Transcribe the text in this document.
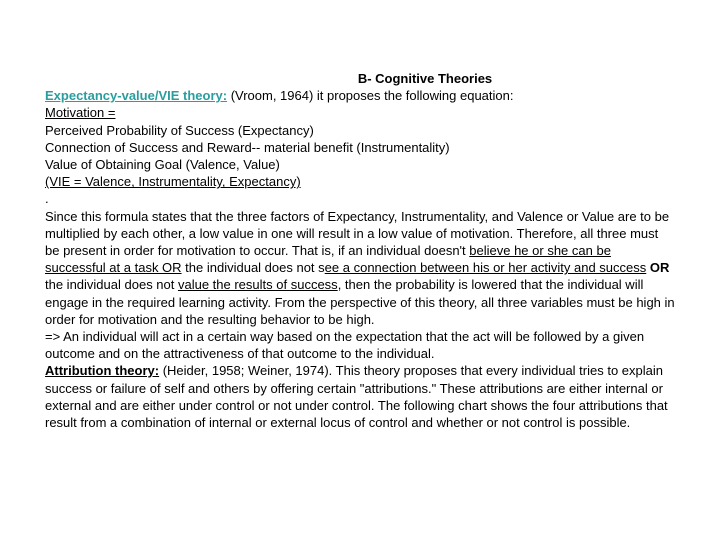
B- Cognitive Theories
Expectancy-value/VIE theory: (Vroom, 1964) it proposes the following equation:
Motivation =
Perceived Probability of Success (Expectancy)
Connection of Success and Reward-- material benefit (Instrumentality)
Value of Obtaining Goal (Valence, Value)
(VIE = Valence, Instrumentality, Expectancy)
.
Since this formula states that the three factors of Expectancy, Instrumentality, and Valence or Value are to be multiplied by each other, a low value in one will result in a low value of motivation. Therefore, all three must be present in order for motivation to occur. That is, if an individual doesn't believe he or she can be successful at a task OR the individual does not see a connection between his or her activity and success OR the individual does not value the results of success, then the probability is lowered that the individual will engage in the required learning activity. From the perspective of this theory, all three variables must be high in order for motivation and the resulting behavior to be high.
=> An individual will act in a certain way based on the expectation that the act will be followed by a given outcome and on the attractiveness of that outcome to the individual.
Attribution theory: (Heider, 1958; Weiner, 1974). This theory proposes that every individual tries to explain success or failure of self and others by offering certain "attributions." These attributions are either internal or external and are either under control or not under control. The following chart shows the four attributions that result from a combination of internal or external locus of control and whether or not control is possible.
